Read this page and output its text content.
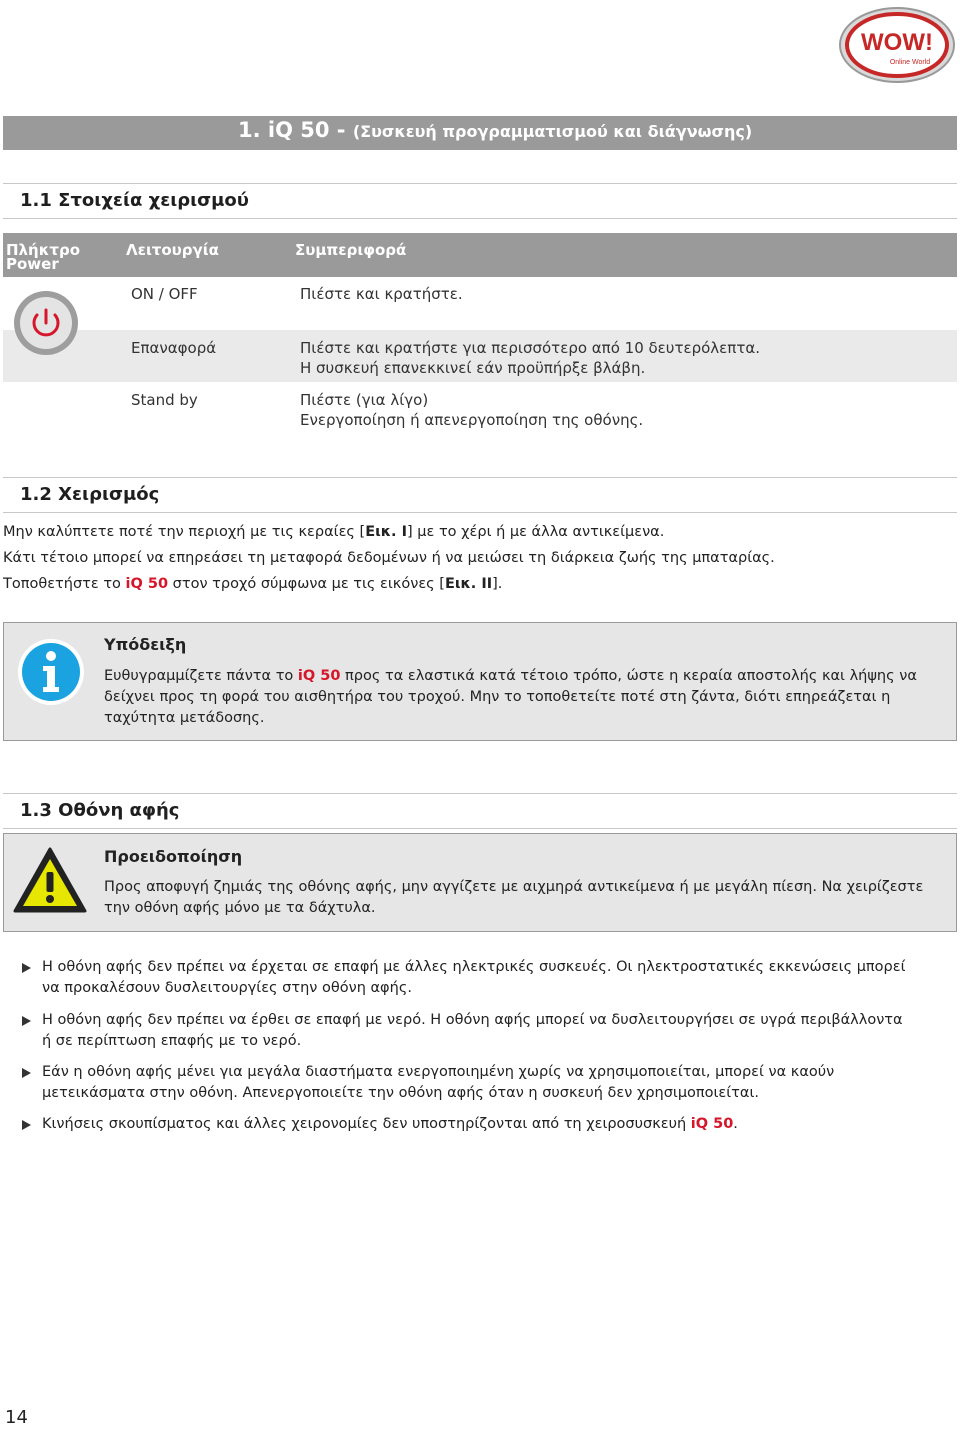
WOW!
Online World
1. iQ 50 - (Συσκευή προγραμματισμού και διάγνωσης)
1.1 Στοιχεία χειρισμού
Πλήκτρο Power
Λειτουργία	Συμπεριφορά
ON / OFF	Πιέστε και κρατήστε.
Επαναφορά	Πιέστε και κρατήστε για περισσότερο από 10 δευτερόλεπτα.
Η συσκευή επανεκκινεί εάν προϋπήρξε βλάβη.
Stand by	Πιέστε (για λίγο)
Ενεργοποίηση ή απενεργοποίηση της οθόνης.
1.2 Χειρισμός
Μην καλύπτετε ποτέ την περιοχή με τις κεραίες [Εικ. I] με το χέρι ή με άλλα αντικείμενα.
Κάτι τέτοιο μπορεί να επηρεάσει τη μεταφορά δεδομένων ή να μειώσει τη διάρκεια ζωής της μπαταρίας.
Τοποθετήστε το iQ 50 στον τροχό σύμφωνα με τις εικόνες [Εικ. II].
Υπόδειξη
Ευθυγραμμίζετε πάντα το iQ 50 προς τα ελαστικά κατά τέτοιο τρόπο, ώστε η κεραία αποστολής και λήψης να δείχνει προς τη φορά του αισθητήρα του τροχού. Μην το τοποθετείτε ποτέ στη ζάντα, διότι επηρεάζεται η ταχύτητα μετάδοσης.
1.3 Οθόνη αφής
Προειδοποίηση
Προς αποφυγή ζημιάς της οθόνης αφής, μην αγγίζετε με αιχμηρά αντικείμενα ή με μεγάλη πίεση. Να χειρίζεστε την οθόνη αφής μόνο με τα δάχτυλα.
Η οθόνη αφής δεν πρέπει να έρχεται σε επαφή με άλλες ηλεκτρικές συσκευές. Οι ηλεκτροστατικές εκκενώσεις μπορεί να προκαλέσουν δυσλειτουργίες στην οθόνη αφής.
Η οθόνη αφής δεν πρέπει να έρθει σε επαφή με νερό. Η οθόνη αφής μπορεί να δυσλειτουργήσει σε υγρά περιβάλλοντα ή σε περίπτωση επαφής με το νερό.
Εάν η οθόνη αφής μένει για μεγάλα διαστήματα ενεργοποιημένη χωρίς να χρησιμοποιείται, μπορεί να καούν μετεικάσματα στην οθόνη. Απενεργοποιείτε την οθόνη αφής όταν η συσκευή δεν χρησιμοποιείται.
Κινήσεις σκουπίσματος και άλλες χειρονομίες δεν υποστηρίζονται από τη χειροσυσκευή iQ 50.
14
